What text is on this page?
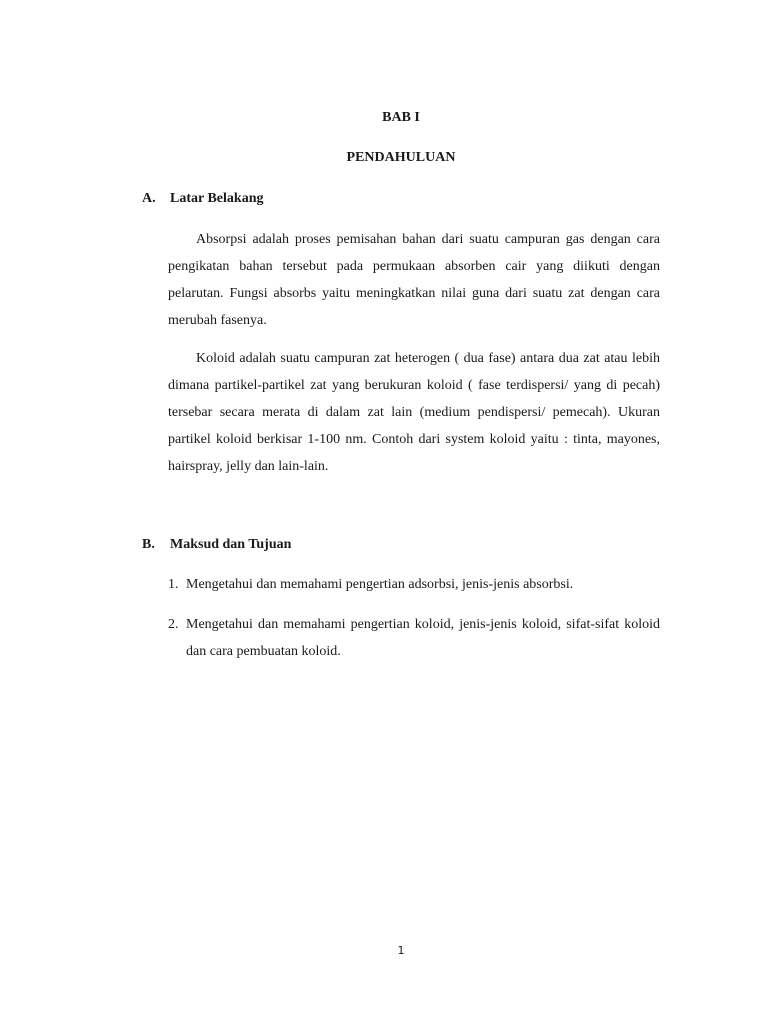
BAB I
PENDAHULUAN
A. Latar Belakang

Absorpsi adalah proses pemisahan bahan dari suatu campuran gas dengan cara pengikatan bahan tersebut pada permukaan absorben cair yang diikuti dengan pelarutan. Fungsi absorbs yaitu meningkatkan nilai guna dari suatu zat dengan cara merubah fasenya.

Koloid adalah suatu campuran zat heterogen ( dua fase) antara dua zat atau lebih dimana partikel-partikel zat yang berukuran koloid ( fase terdispersi/ yang di pecah) tersebar secara merata di dalam zat lain (medium pendispersi/ pemecah). Ukuran partikel koloid berkisar 1-100 nm. Contoh dari system koloid yaitu : tinta, mayones, hairspray, jelly dan lain-lain.

B. Maksud dan Tujuan
1. Mengetahui dan memahami pengertian adsorbsi, jenis-jenis absorbsi.
2. Mengetahui dan memahami pengertian koloid, jenis-jenis koloid, sifat-sifat koloid dan cara pembuatan koloid.
1
